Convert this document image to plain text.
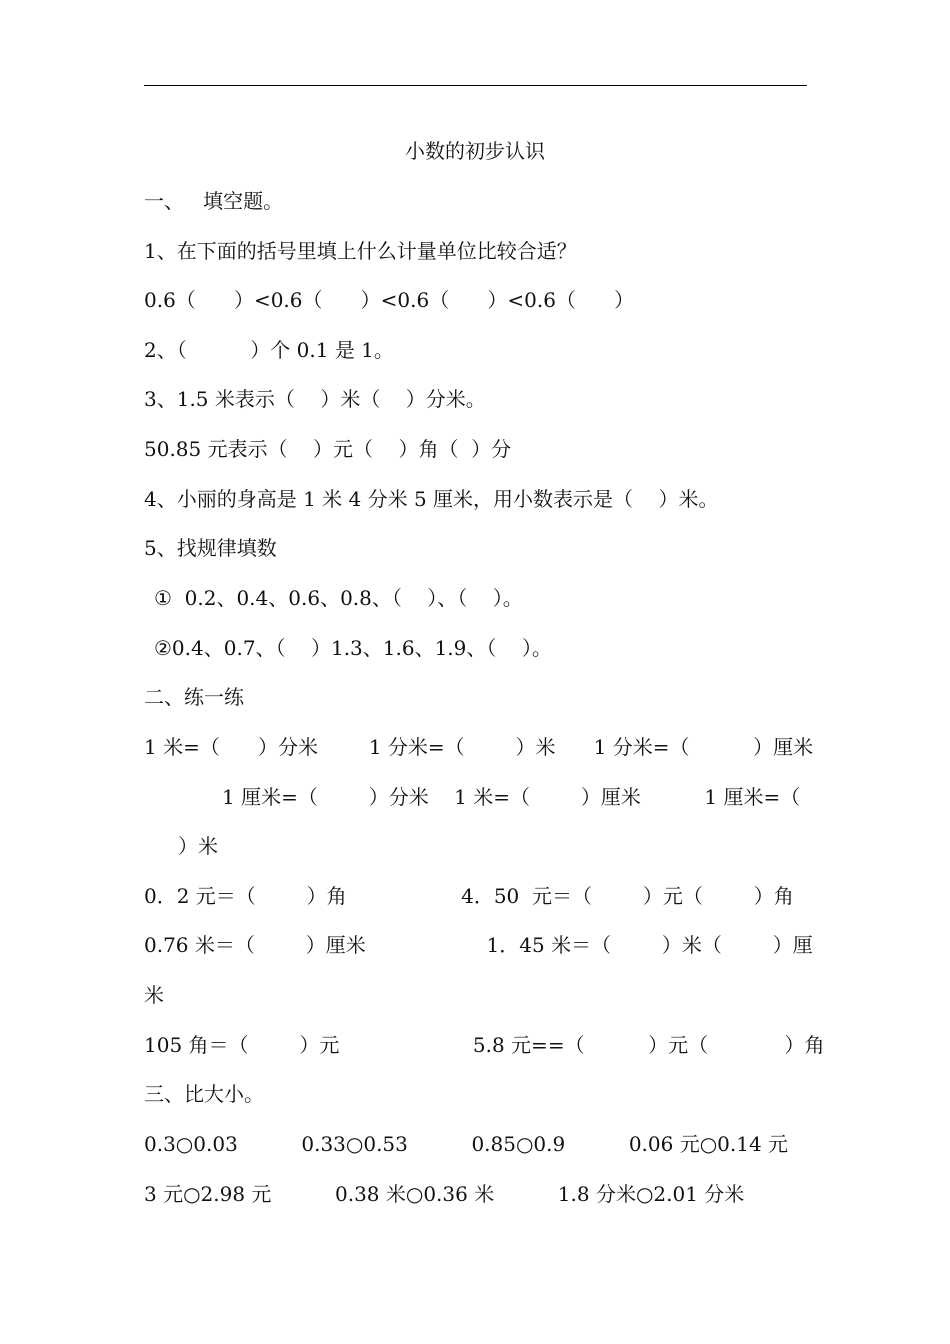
小数的初步认识
一、   填空题。
1、在下面的括号里填上什么计量单位比较合适？
0.6（      ）<0.6（      ）<0.6（      ）<0.6（      ）
2、（          ）个 0.1 是 1。
3、1.5 米表示（    ）米（    ）分米。
50.85 元表示（    ）元（    ）角（  ）分
4、小丽的身高是 1 米 4 分米 5 厘米，用小数表示是（    ）米。
5、找规律填数
①  0.2、0.4、0.6、0.8、（    ）、（    ）。
②0.4、0.7、（    ）1.3、1.6、1.9、（    ）。
二、练一练
1 米=（      ）分米        1 分米=（        ）米      1 分米=（          ）厘米
1 厘米=（        ）分米    1 米=（        ）厘米          1 厘米=（
）米
0．2 元＝（        ）角                  4．50  元＝（        ）元（        ）角
0.76 米＝（        ）厘米                   1．45 米＝（        ）米（        ）厘
米
105 角＝（        ）元                     5.8 元==（          ）元（            ）角
三、比大小。
0.3○0.03          0.33○0.53          0.85○0.9          0.06 元○0.14 元
3 元○2.98 元          0.38 米○0.36 米          1.8 分米○2.01 分米
